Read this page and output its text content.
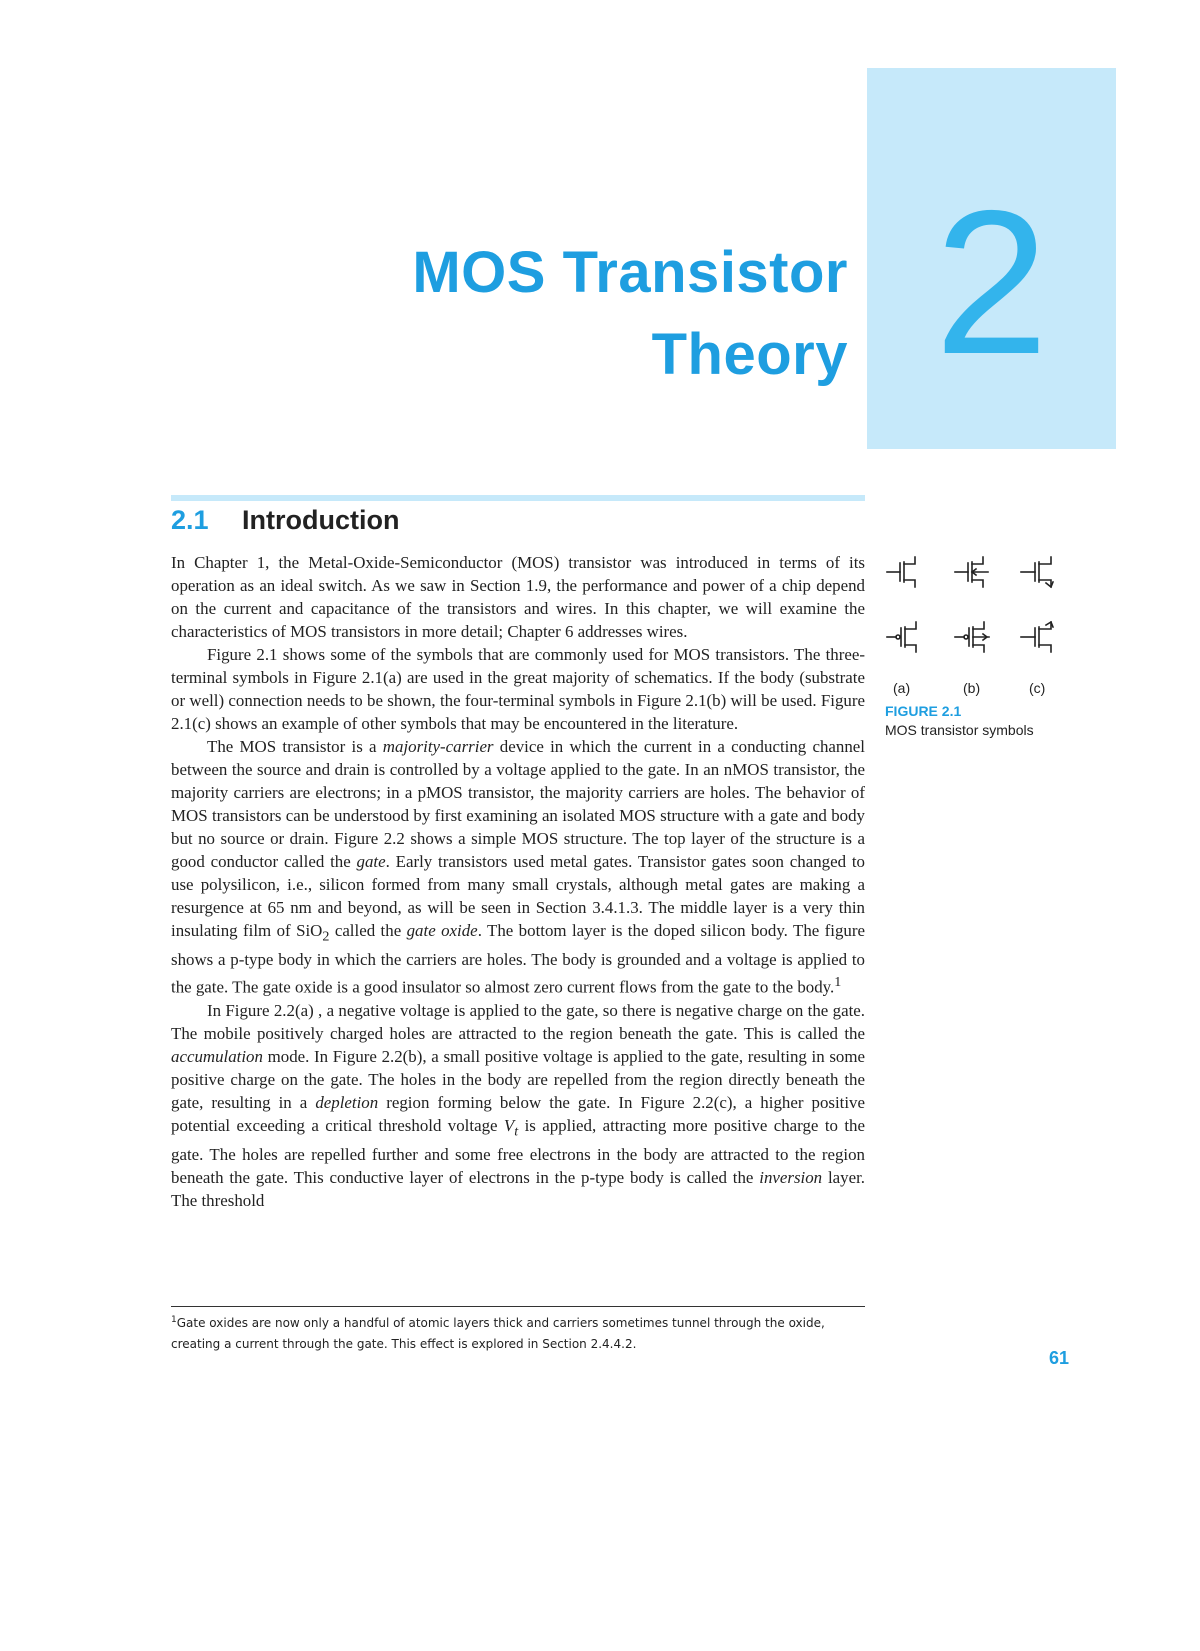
2
MOS Transistor
Theory
2.1 Introduction

In Chapter 1, the Metal-Oxide-Semiconductor (MOS) transistor was introduced in terms of its operation as an ideal switch. As we saw in Section 1.9, the performance and power of a chip depend on the current and capacitance of the transistors and wires. In this chapter, we will examine the characteristics of MOS transistors in more detail; Chapter 6 addresses wires.

Figure 2.1 shows some of the symbols that are commonly used for MOS transistors. The three-terminal symbols in Figure 2.1(a) are used in the great majority of schematics. If the body (substrate or well) connection needs to be shown, the four-terminal symbols in Figure 2.1(b) will be used. Figure 2.1(c) shows an example of other symbols that may be encountered in the literature.

The MOS transistor is a majority-carrier device in which the current in a conducting channel between the source and drain is controlled by a voltage applied to the gate. In an nMOS transistor, the majority carriers are electrons; in a pMOS transistor, the majority carriers are holes. The behavior of MOS transistors can be understood by first examining an isolated MOS structure with a gate and body but no source or drain. Figure 2.2 shows a simple MOS structure. The top layer of the structure is a good conductor called the gate. Early transistors used metal gates. Transistor gates soon changed to use polysilicon, i.e., silicon formed from many small crystals, although metal gates are making a resurgence at 65 nm and beyond, as will be seen in Section 3.4.1.3. The middle layer is a very thin insulating film of SiO$_2$ called the gate oxide. The bottom layer is the doped silicon body. The figure shows a p-type body in which the carriers are holes. The body is grounded and a voltage is applied to the gate. The gate oxide is a good insulator so almost zero current flows from the gate to the body.$^1$

In Figure 2.2(a) , a negative voltage is applied to the gate, so there is negative charge on the gate. The mobile positively charged holes are attracted to the region beneath the gate. This is called the accumulation mode. In Figure 2.2(b), a small positive voltage is applied to the gate, resulting in some positive charge on the gate. The holes in the body are repelled from the region directly beneath the gate, resulting in a depletion region forming below the gate. In Figure 2.2(c), a higher positive potential exceeding a critical threshold voltage $V_t$ is applied, attracting more positive charge to the gate. The holes are repelled further and some free electrons in the body are attracted to the region beneath the gate. This conductive layer of electrons in the p-type body is called the inversion layer. The threshold

$^1$Gate oxides are now only a handful of atomic layers thick and carriers sometimes tunnel through the oxide, creating a current through the gate. This effect is explored in Section 2.4.4.2.
61
(a)	(b)	(c)
FIGURE 2.1
MOS transistor symbols
